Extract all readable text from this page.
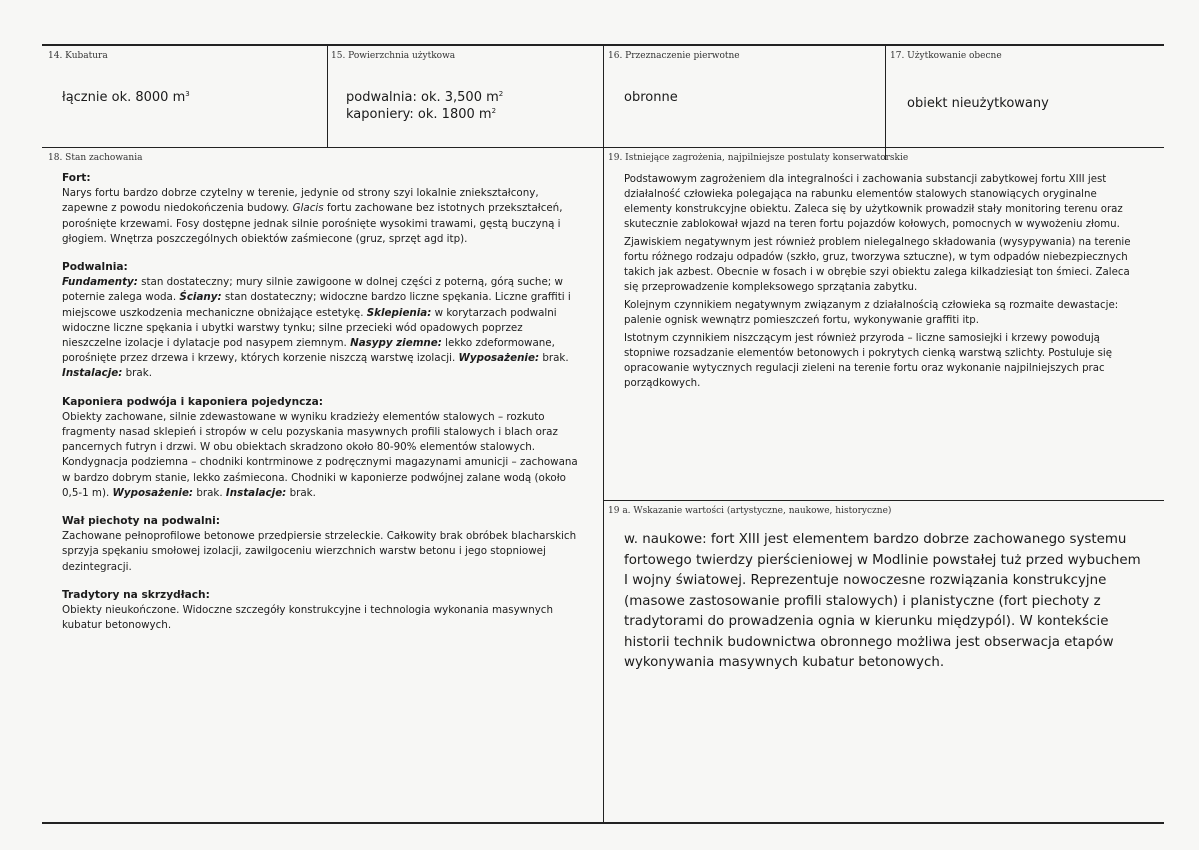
14. Kubatura
łącznie ok. 8000 $m^3$
15. Powierzchnia użytkowa
podwalnia: ok. 3,500 $m^2$
kaponiery: ok. 1800 $m^2$
16. Przeznaczenie pierwotne
obronne
17. Użytkowanie obecne
obiekt nieużytkowany
18. Stan zachowania

Fort:

Narys fortu bardzo dobrze czytelny w terenie, jedynie od strony szyi lokalnie zniekształcony, zapewne z powodu niedokończenia budowy. Glacis fortu zachowane bez istotnych przekształceń, porośnięte krzewami. Fosy dostępne jednak silnie porośnięte wysokimi trawami, gęstą buczyną i głogiem. Wnętrza poszczególnych obiektów zaśmiecone (gruz, sprzęt agd itp).

Podwalnia:

Fundamenty: stan dostateczny; mury silnie zawigoone w dolnej części z poterną, górą suche; w poternie zalega woda. Ściany: stan dostateczny; widoczne bardzo liczne spękania. Liczne graffiti i miejscowe uszkodzenia mechaniczne obniżające estetykę. Sklepienia: w korytarzach podwalni widoczne liczne spękania i ubytki warstwy tynku; silne przecieki wód opadowych poprzez nieszczelne izolacje i dylatacje pod nasypem ziemnym. Nasypy ziemne: lekko zdeformowane, porośnięte przez drzewa i krzewy, których korzenie niszczą warstwę izolacji. Wyposażenie: brak. Instalacje: brak.

Kaponiera podwója i kaponiera pojedyncza:

Obiekty zachowane, silnie zdewastowane w wyniku kradzieży elementów stalowych – rozkuto fragmenty nasad sklepień i stropów w celu pozyskania masywnych profili stalowych i blach oraz pancernych futryn i drzwi. W obu obiektach skradzono około 80-90% elementów stalowych. Kondygnacja podziemna – chodniki kontrminowe z podręcznymi magazynami amunicji – zachowana w bardzo dobrym stanie, lekko zaśmiecona. Chodniki w kaponierze podwójnej zalane wodą (około 0,5-1 m). Wyposażenie: brak. Instalacje: brak.

Wał piechoty na podwalni:

Zachowane pełnoprofilowe betonowe przedpiersie strzeleckie. Całkowity brak obróbek blacharskich sprzyja spękaniu smołowej izolacji, zawilgoceniu wierzchnich warstw betonu i jego stopniowej dezintegracji.

Tradytory na skrzydłach:

Obiekty nieukończone. Widoczne szczegóły konstrukcyjne i technologia wykonania masywnych kubatur betonowych.

19. Istniejące zagrożenia, najpilniejsze postulaty konserwatorskie

Podstawowym zagrożeniem dla integralności i zachowania substancji zabytkowej fortu XIII jest działalność człowieka polegająca na rabunku elementów stalowych stanowiących oryginalne elementy konstrukcyjne obiektu. Zaleca się by użytkownik prowadził stały monitoring terenu oraz skutecznie zablokował wjazd na teren fortu pojazdów kołowych, pomocnych w wywożeniu złomu.

Zjawiskiem negatywnym jest również problem nielegalnego składowania (wysypywania) na terenie fortu różnego rodzaju odpadów (szkło, gruz, tworzywa sztuczne), w tym odpadów niebezpiecznych takich jak azbest. Obecnie w fosach i w obrębie szyi obiektu zalega kilkadziesiąt ton śmieci. Zaleca się przeprowadzenie kompleksowego sprzątania zabytku.

Kolejnym czynnikiem negatywnym związanym z działalnością człowieka są rozmaite dewastacje: palenie ognisk wewnątrz pomieszczeń fortu, wykonywanie graffiti itp.

Istotnym czynnikiem niszczącym jest również przyroda – liczne samosiejki i krzewy powodują stopniwe rozsadzanie elementów betonowych i pokrytych cienką warstwą szlichty. Postuluje się opracowanie wytycznych regulacji zieleni na terenie fortu oraz wykonanie najpilniejszych prac porządkowych.

19 a. Wskazanie wartości (artystyczne, naukowe, historyczne)
w. naukowe: fort XIII jest elementem bardzo dobrze zachowanego systemu fortowego twierdzy pierścieniowej w Modlinie powstałej tuż przed wybuchem I wojny światowej. Reprezentuje nowoczesne rozwiązania konstrukcyjne (masowe zastosowanie profili stalowych) i planistyczne (fort piechoty z tradytorami do prowadzenia ognia w kierunku międzypól). W kontekście historii technik budownictwa obronnego możliwa jest obserwacja etapów wykonywania masywnych kubatur betonowych.
